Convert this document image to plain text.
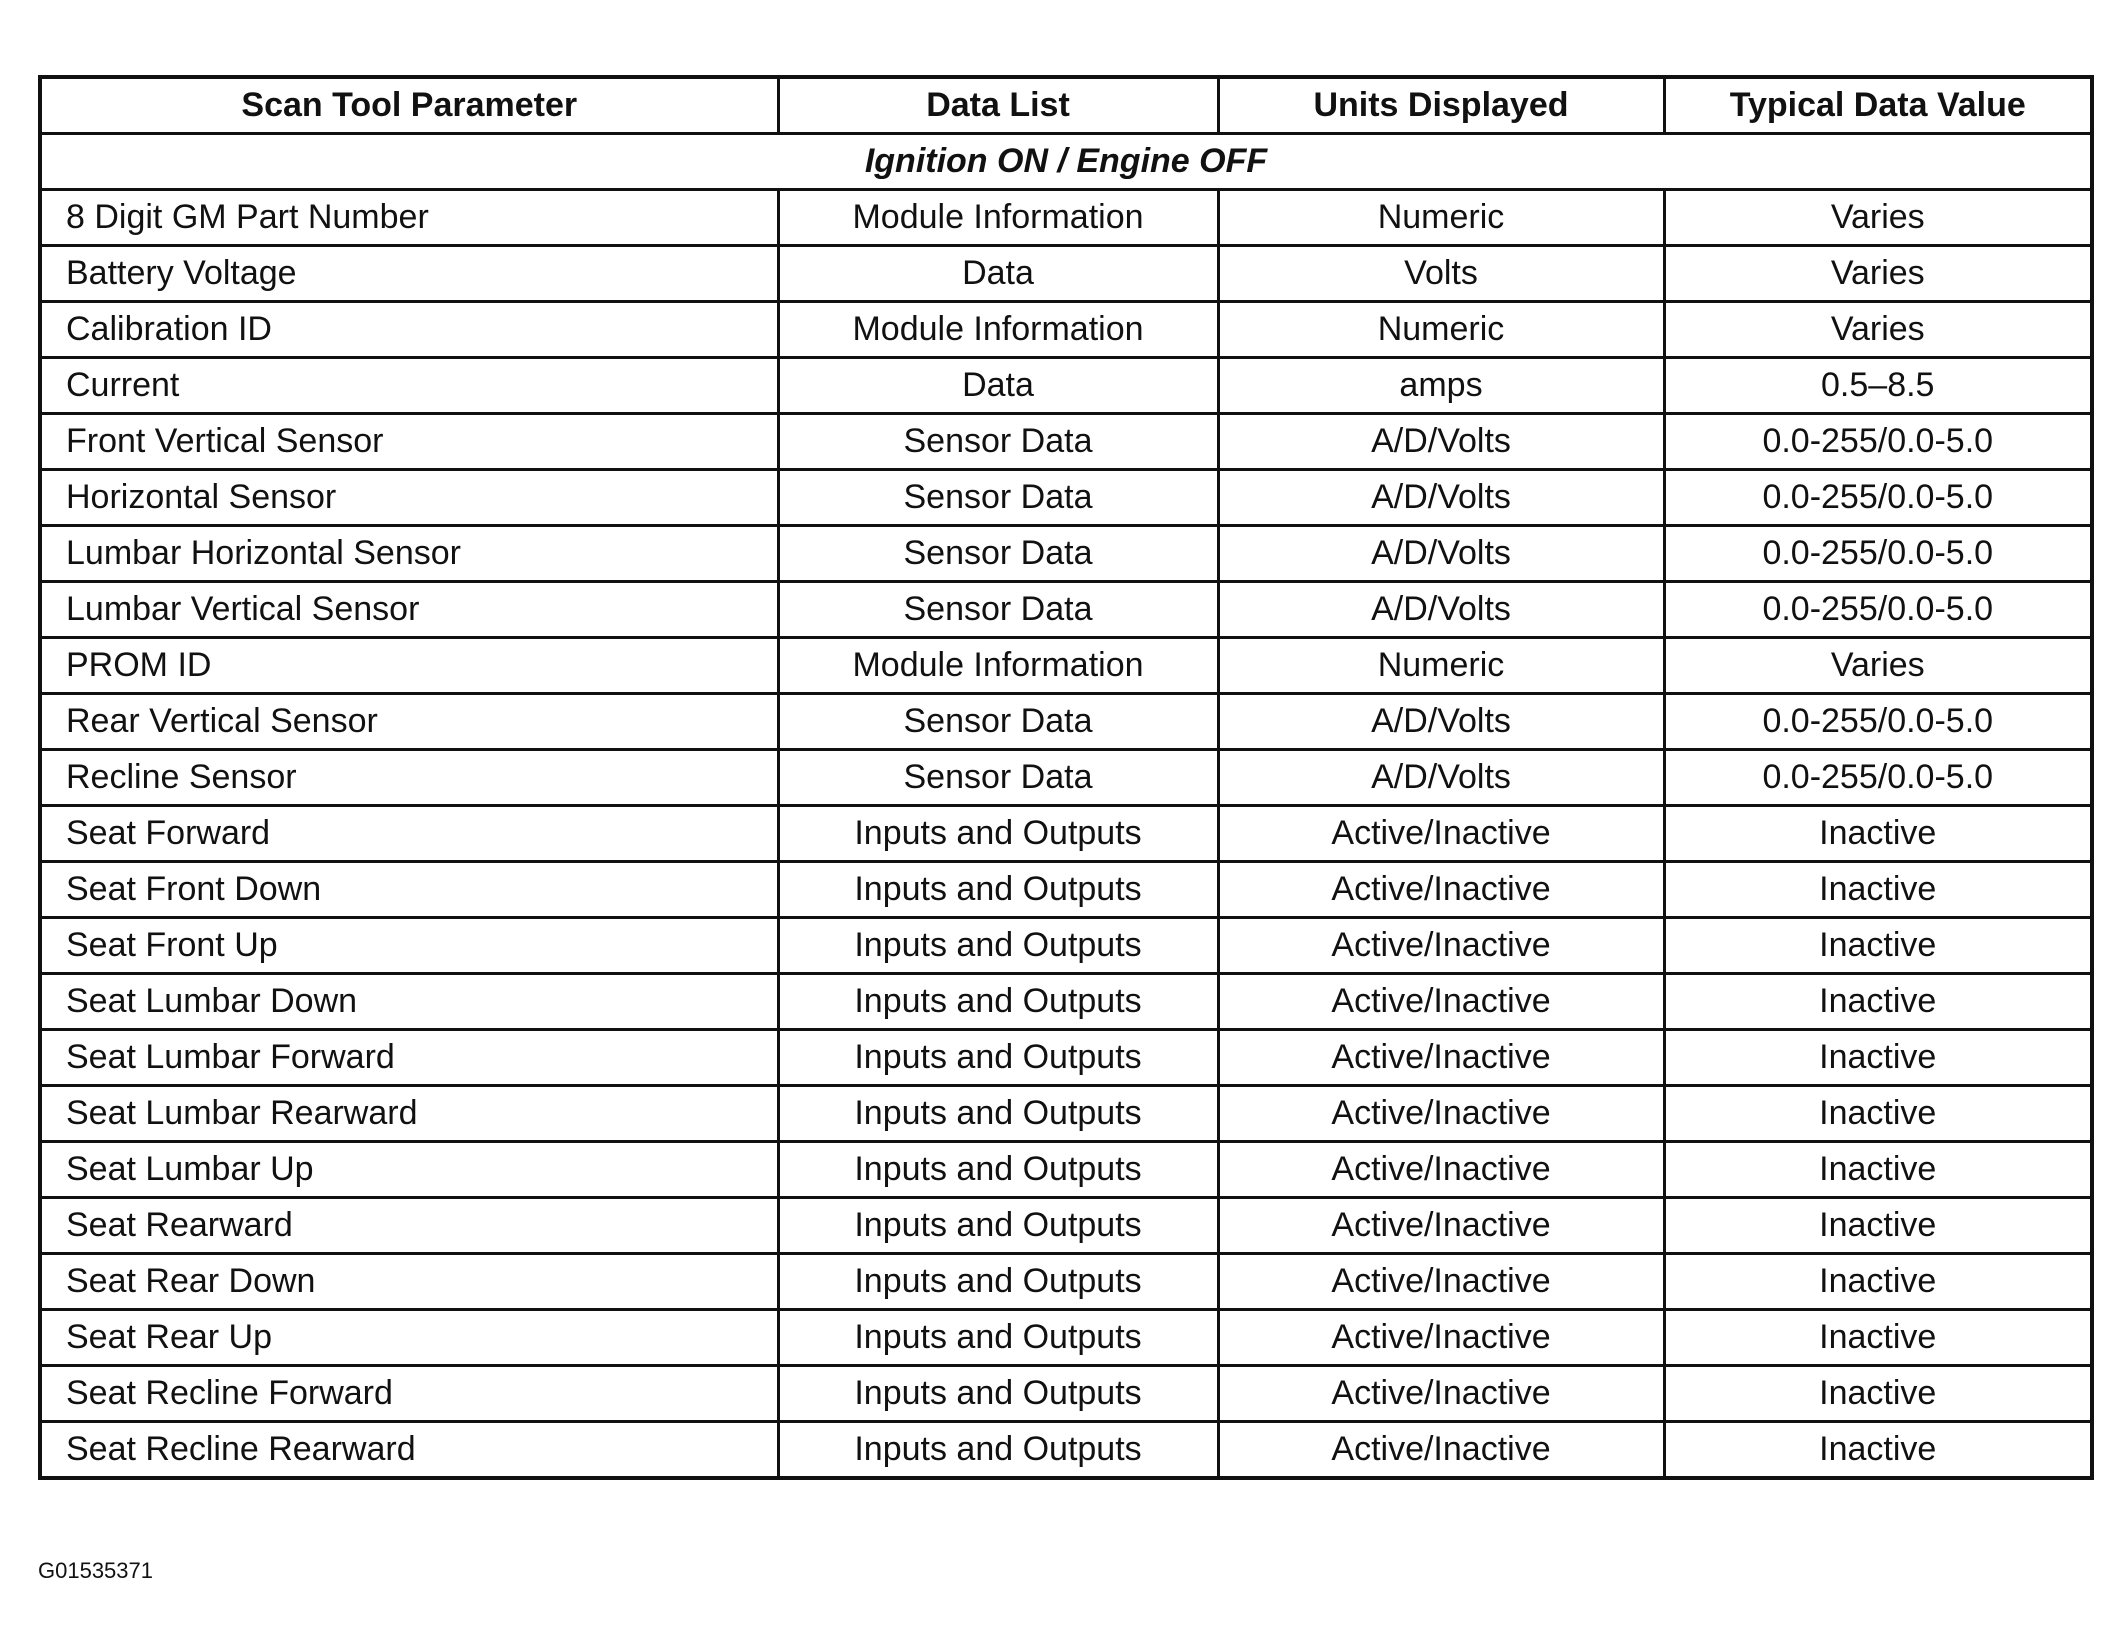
Scan Tool Parameter	Data List	Units Displayed	Typical Data Value
Ignition ON / Engine OFF			
8 Digit GM Part Number	Module Information	Numeric	Varies
Battery Voltage	Data	Volts	Varies
Calibration ID	Module Information	Numeric	Varies
Current	Data	amps	0.5–8.5
Front Vertical Sensor	Sensor Data	A/D/Volts	0.0-255/0.0-5.0
Horizontal Sensor	Sensor Data	A/D/Volts	0.0-255/0.0-5.0
Lumbar Horizontal Sensor	Sensor Data	A/D/Volts	0.0-255/0.0-5.0
Lumbar Vertical Sensor	Sensor Data	A/D/Volts	0.0-255/0.0-5.0
PROM ID	Module Information	Numeric	Varies
Rear Vertical Sensor	Sensor Data	A/D/Volts	0.0-255/0.0-5.0
Recline Sensor	Sensor Data	A/D/Volts	0.0-255/0.0-5.0
Seat Forward	Inputs and Outputs	Active/Inactive	Inactive
Seat Front Down	Inputs and Outputs	Active/Inactive	Inactive
Seat Front Up	Inputs and Outputs	Active/Inactive	Inactive
Seat Lumbar Down	Inputs and Outputs	Active/Inactive	Inactive
Seat Lumbar Forward	Inputs and Outputs	Active/Inactive	Inactive
Seat Lumbar Rearward	Inputs and Outputs	Active/Inactive	Inactive
Seat Lumbar Up	Inputs and Outputs	Active/Inactive	Inactive
Seat Rearward	Inputs and Outputs	Active/Inactive	Inactive
Seat Rear Down	Inputs and Outputs	Active/Inactive	Inactive
Seat Rear Up	Inputs and Outputs	Active/Inactive	Inactive
Seat Recline Forward	Inputs and Outputs	Active/Inactive	Inactive
Seat Recline Rearward	Inputs and Outputs	Active/Inactive	Inactive
G01535371
